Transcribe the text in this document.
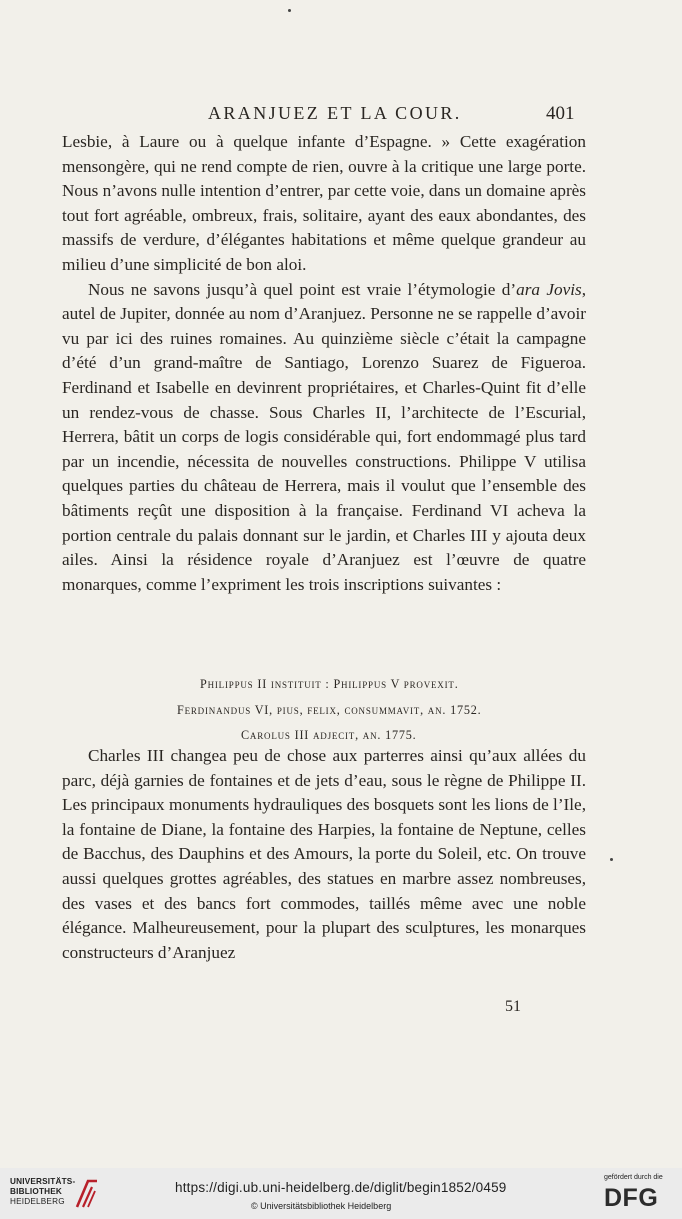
ARANJUEZ ET LA COUR.	401

Lesbie, à Laure ou à quelque infante d’Espagne. » Cette exagération mensongère, qui ne rend compte de rien, ouvre à la critique une large porte. Nous n’avons nulle intention d’entrer, par cette voie, dans un domaine après tout fort agréable, ombreux, frais, solitaire, ayant des eaux abondantes, des massifs de verdure, d’élégantes habitations et même quelque grandeur au milieu d’une simplicité de bon aloi.

Nous ne savons jusqu’à quel point est vraie l’étymologie d’ara Jovis, autel de Jupiter, donnée au nom d’Aranjuez. Personne ne se rappelle d’avoir vu par ici des ruines romaines. Au quinzième siècle c’était la campagne d’été d’un grand-maître de Santiago, Lorenzo Suarez de Figueroa. Ferdinand et Isabelle en devinrent propriétaires, et Charles-Quint fit d’elle un rendez-vous de chasse. Sous Charles II, l’architecte de l’Escurial, Herrera, bâtit un corps de logis considérable qui, fort endommagé plus tard par un incendie, nécessita de nouvelles constructions. Philippe V utilisa quelques parties du château de Herrera, mais il voulut que l’ensemble des bâtiments reçût une disposition à la française. Ferdinand VI acheva la portion centrale du palais donnant sur le jardin, et Charles III y ajouta deux ailes. Ainsi la résidence royale d’Aranjuez est l’œuvre de quatre monarques, comme l’expriment les trois inscriptions suivantes :

Philippus II instituit : Philippus V provexit.
Ferdinandus VI, pius, felix, consummavit, an. 1752.
Carolus III adjecit, an. 1775.

Charles III changea peu de chose aux parterres ainsi qu’aux allées du parc, déjà garnies de fontaines et de jets d’eau, sous le règne de Philippe II. Les principaux monuments hydrauliques des bosquets sont les lions de l’Ile, la fontaine de Diane, la fontaine des Harpies, la fontaine de Neptune, celles de Bacchus, des Dauphins et des Amours, la porte du Soleil, etc. On trouve aussi quelques grottes agréables, des statues en marbre assez nombreuses, des vases et des bancs fort commodes, taillés même avec une noble élégance. Malheureusement, pour la plupart des sculptures, les monarques constructeurs d’Aranjuez

51
UNIVERSITÄTS-
BIBLIOTHEK
HEIDELBERG
https://digi.ub.uni-heidelberg.de/diglit/begin1852/0459
© Universitätsbibliothek Heidelberg
gefördert durch die
DFG
